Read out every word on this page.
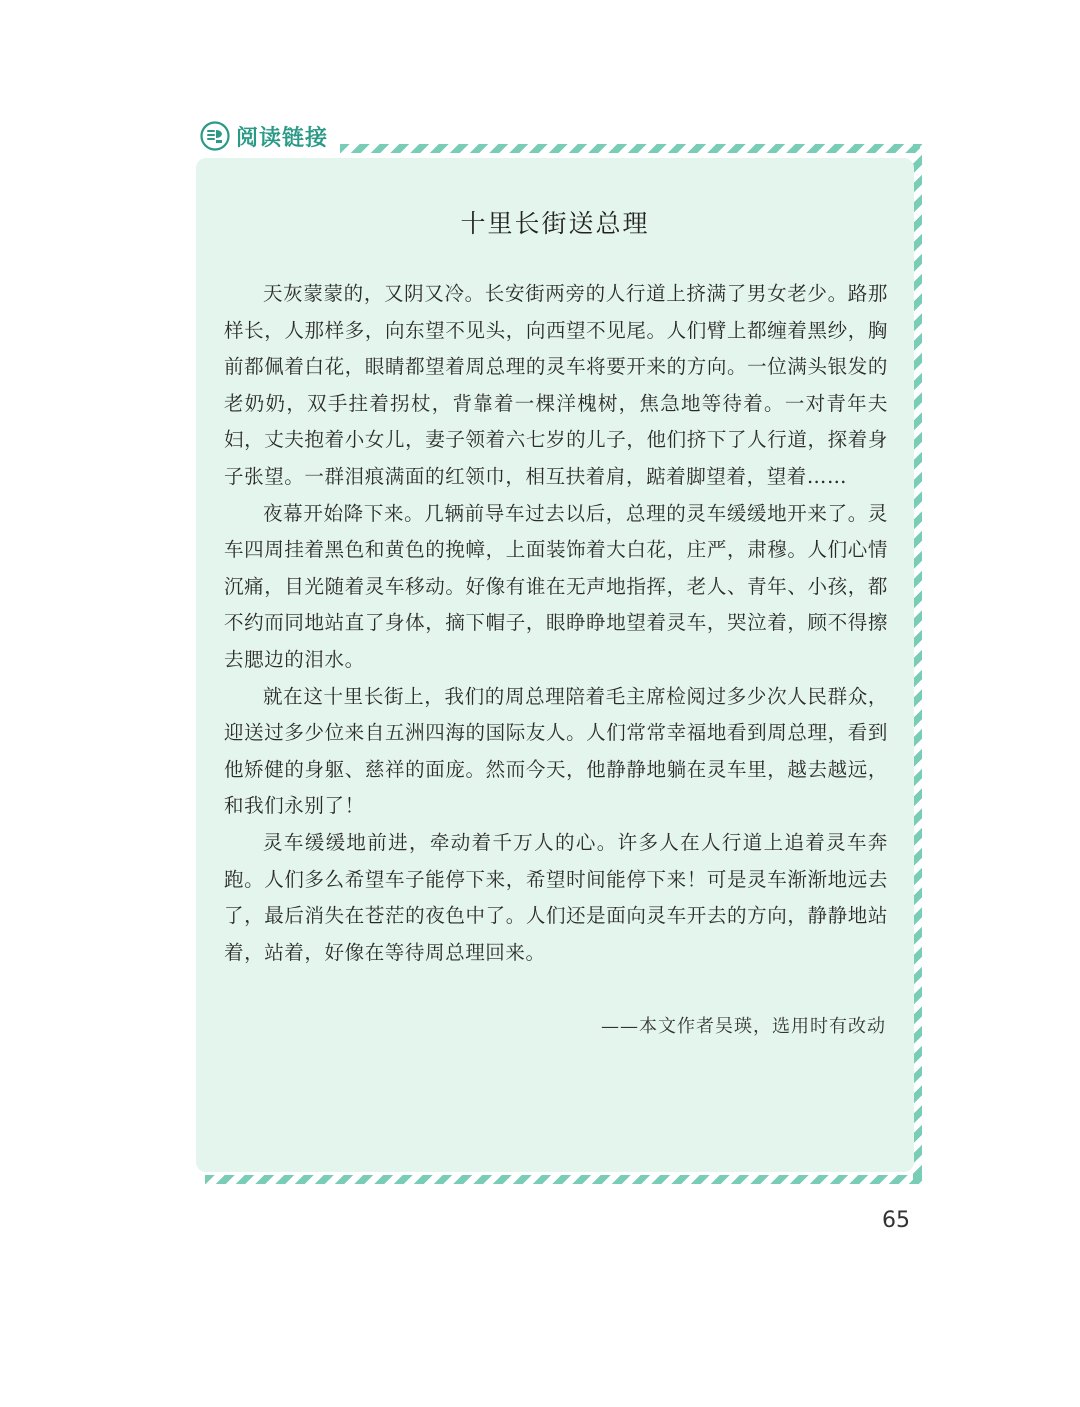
阅读链接
十里长街送总理

天灰蒙蒙的，又阴又冷。长安街两旁的人行道上挤满了男女老少。路那样长，人那样多，向东望不见头，向西望不见尾。人们臂上都缠着黑纱，胸前都佩着白花，眼睛都望着周总理的灵车将要开来的方向。一位满头银发的老奶奶，双手拄着拐杖，背靠着一棵洋槐树，焦急地等待着。一对青年夫妇，丈夫抱着小女儿，妻子领着六七岁的儿子，他们挤下了人行道，探着身子张望。一群泪痕满面的红领巾，相互扶着肩，踮着脚望着，望着……

夜幕开始降下来。几辆前导车过去以后，总理的灵车缓缓地开来了。灵车四周挂着黑色和黄色的挽幛，上面装饰着大白花，庄严，肃穆。人们心情沉痛，目光随着灵车移动。好像有谁在无声地指挥，老人、青年、小孩，都不约而同地站直了身体，摘下帽子，眼睁睁地望着灵车，哭泣着，顾不得擦去腮边的泪水。

就在这十里长街上，我们的周总理陪着毛主席检阅过多少次人民群众，迎送过多少位来自五洲四海的国际友人。人们常常幸福地看到周总理，看到他矫健的身躯、慈祥的面庞。然而今天，他静静地躺在灵车里，越去越远，和我们永别了！

灵车缓缓地前进，牵动着千万人的心。许多人在人行道上追着灵车奔跑。人们多么希望车子能停下来，希望时间能停下来！可是灵车渐渐地远去了，最后消失在苍茫的夜色中了。人们还是面向灵车开去的方向，静静地站着，站着，好像在等待周总理回来。

——本文作者吴瑛，选用时有改动
65
